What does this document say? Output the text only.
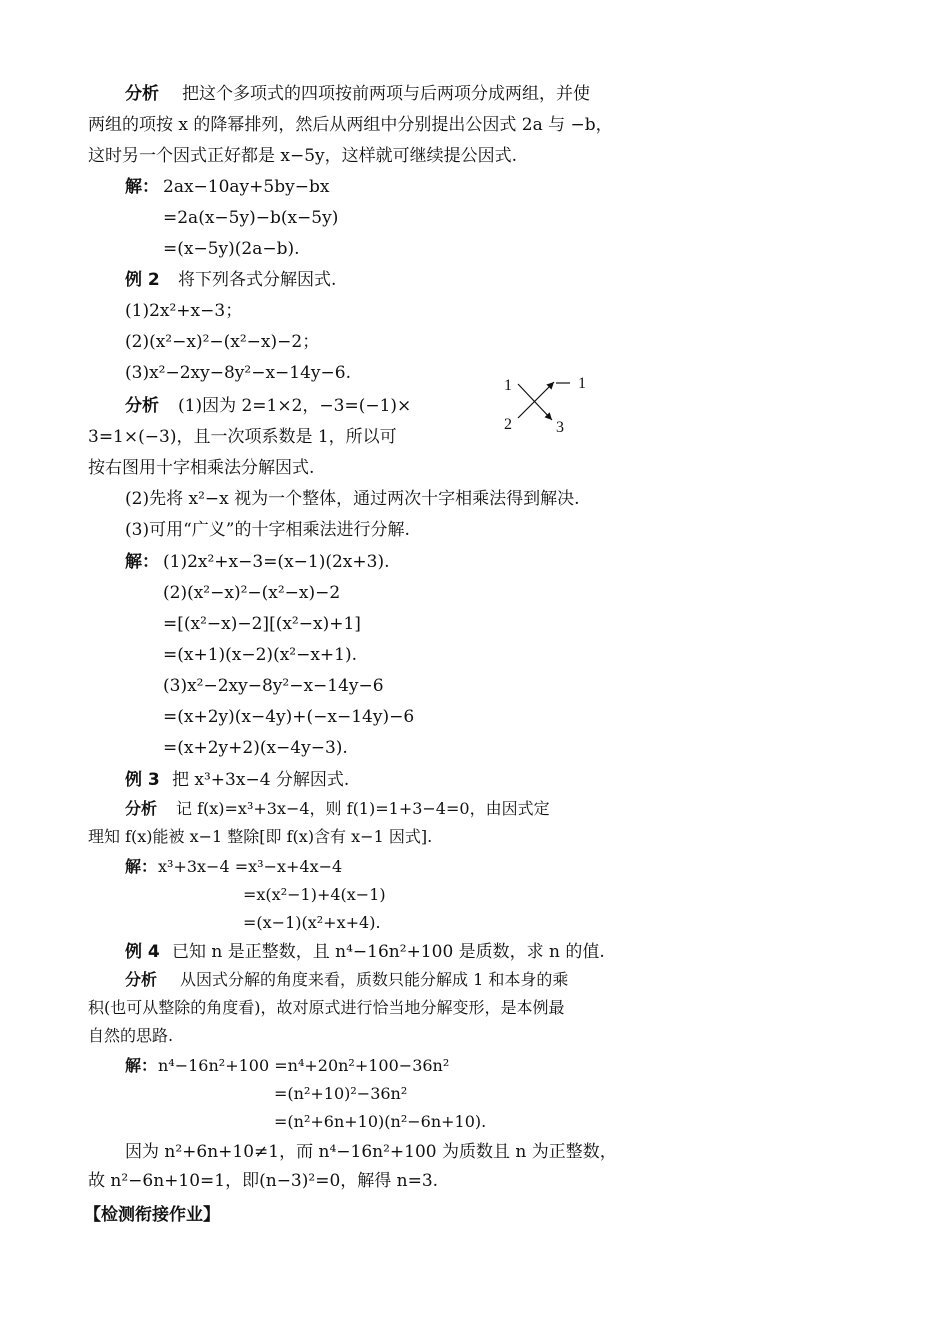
分析 把这个多项式的四项按前两项与后两项分成两组，并使
两组的项按 x 的降幂排列，然后从两组中分别提出公因式 2a 与 −b，
这时另一个因式正好都是 x−5y，这样就可继续提公因式.
解： 2ax−10ay+5by−bx
=2a(x−5y)−b(x−5y)
=(x−5y)(2a−b).
例 2 将下列各式分解因式.
(1)2x²+x−3；
(2)(x²−x)²−(x²−x)−2；
(3)x²−2xy−8y²−x−14y−6.
分析 (1)因为 2=1×2，−3=(−1)×
3=1×(−3)，且一次项系数是 1，所以可
按右图用十字相乘法分解因式.
(2)先将 x²−x 视为一个整体，通过两次十字相乘法得到解决.
(3)可用“广义”的十字相乘法进行分解.
1	1
2	3
解： (1)2x²+x−3=(x−1)(2x+3).
(2)(x²−x)²−(x²−x)−2
=[(x²−x)−2][(x²−x)+1]
=(x+1)(x−2)(x²−x+1).
(3)x²−2xy−8y²−x−14y−6
=(x+2y)(x−4y)+(−x−14y)−6
=(x+2y+2)(x−4y−3).
例 3 把 x³+3x−4 分解因式.
分析 记 f(x)=x³+3x−4，则 f(1)=1+3−4=0，由因式定
理知 f(x)能被 x−1 整除[即 f(x)含有 x−1 因式].
解： x³+3x−4 =x³−x+4x−4
=x(x²−1)+4(x−1)
=(x−1)(x²+x+4).
例 4 已知 n 是正整数，且 n⁴−16n²+100 是质数，求 n 的值.
分析 从因式分解的角度来看，质数只能分解成 1 和本身的乘
积(也可从整除的角度看)，故对原式进行恰当地分解变形，是本例最
自然的思路.
解： n⁴−16n²+100 =n⁴+20n²+100−36n²
=(n²+10)²−36n²
=(n²+6n+10)(n²−6n+10).
因为 n²+6n+10≠1，而 n⁴−16n²+100 为质数且 n 为正整数，
故 n²−6n+10=1，即(n−3)²=0，解得 n=3.
【检测衔接作业】
